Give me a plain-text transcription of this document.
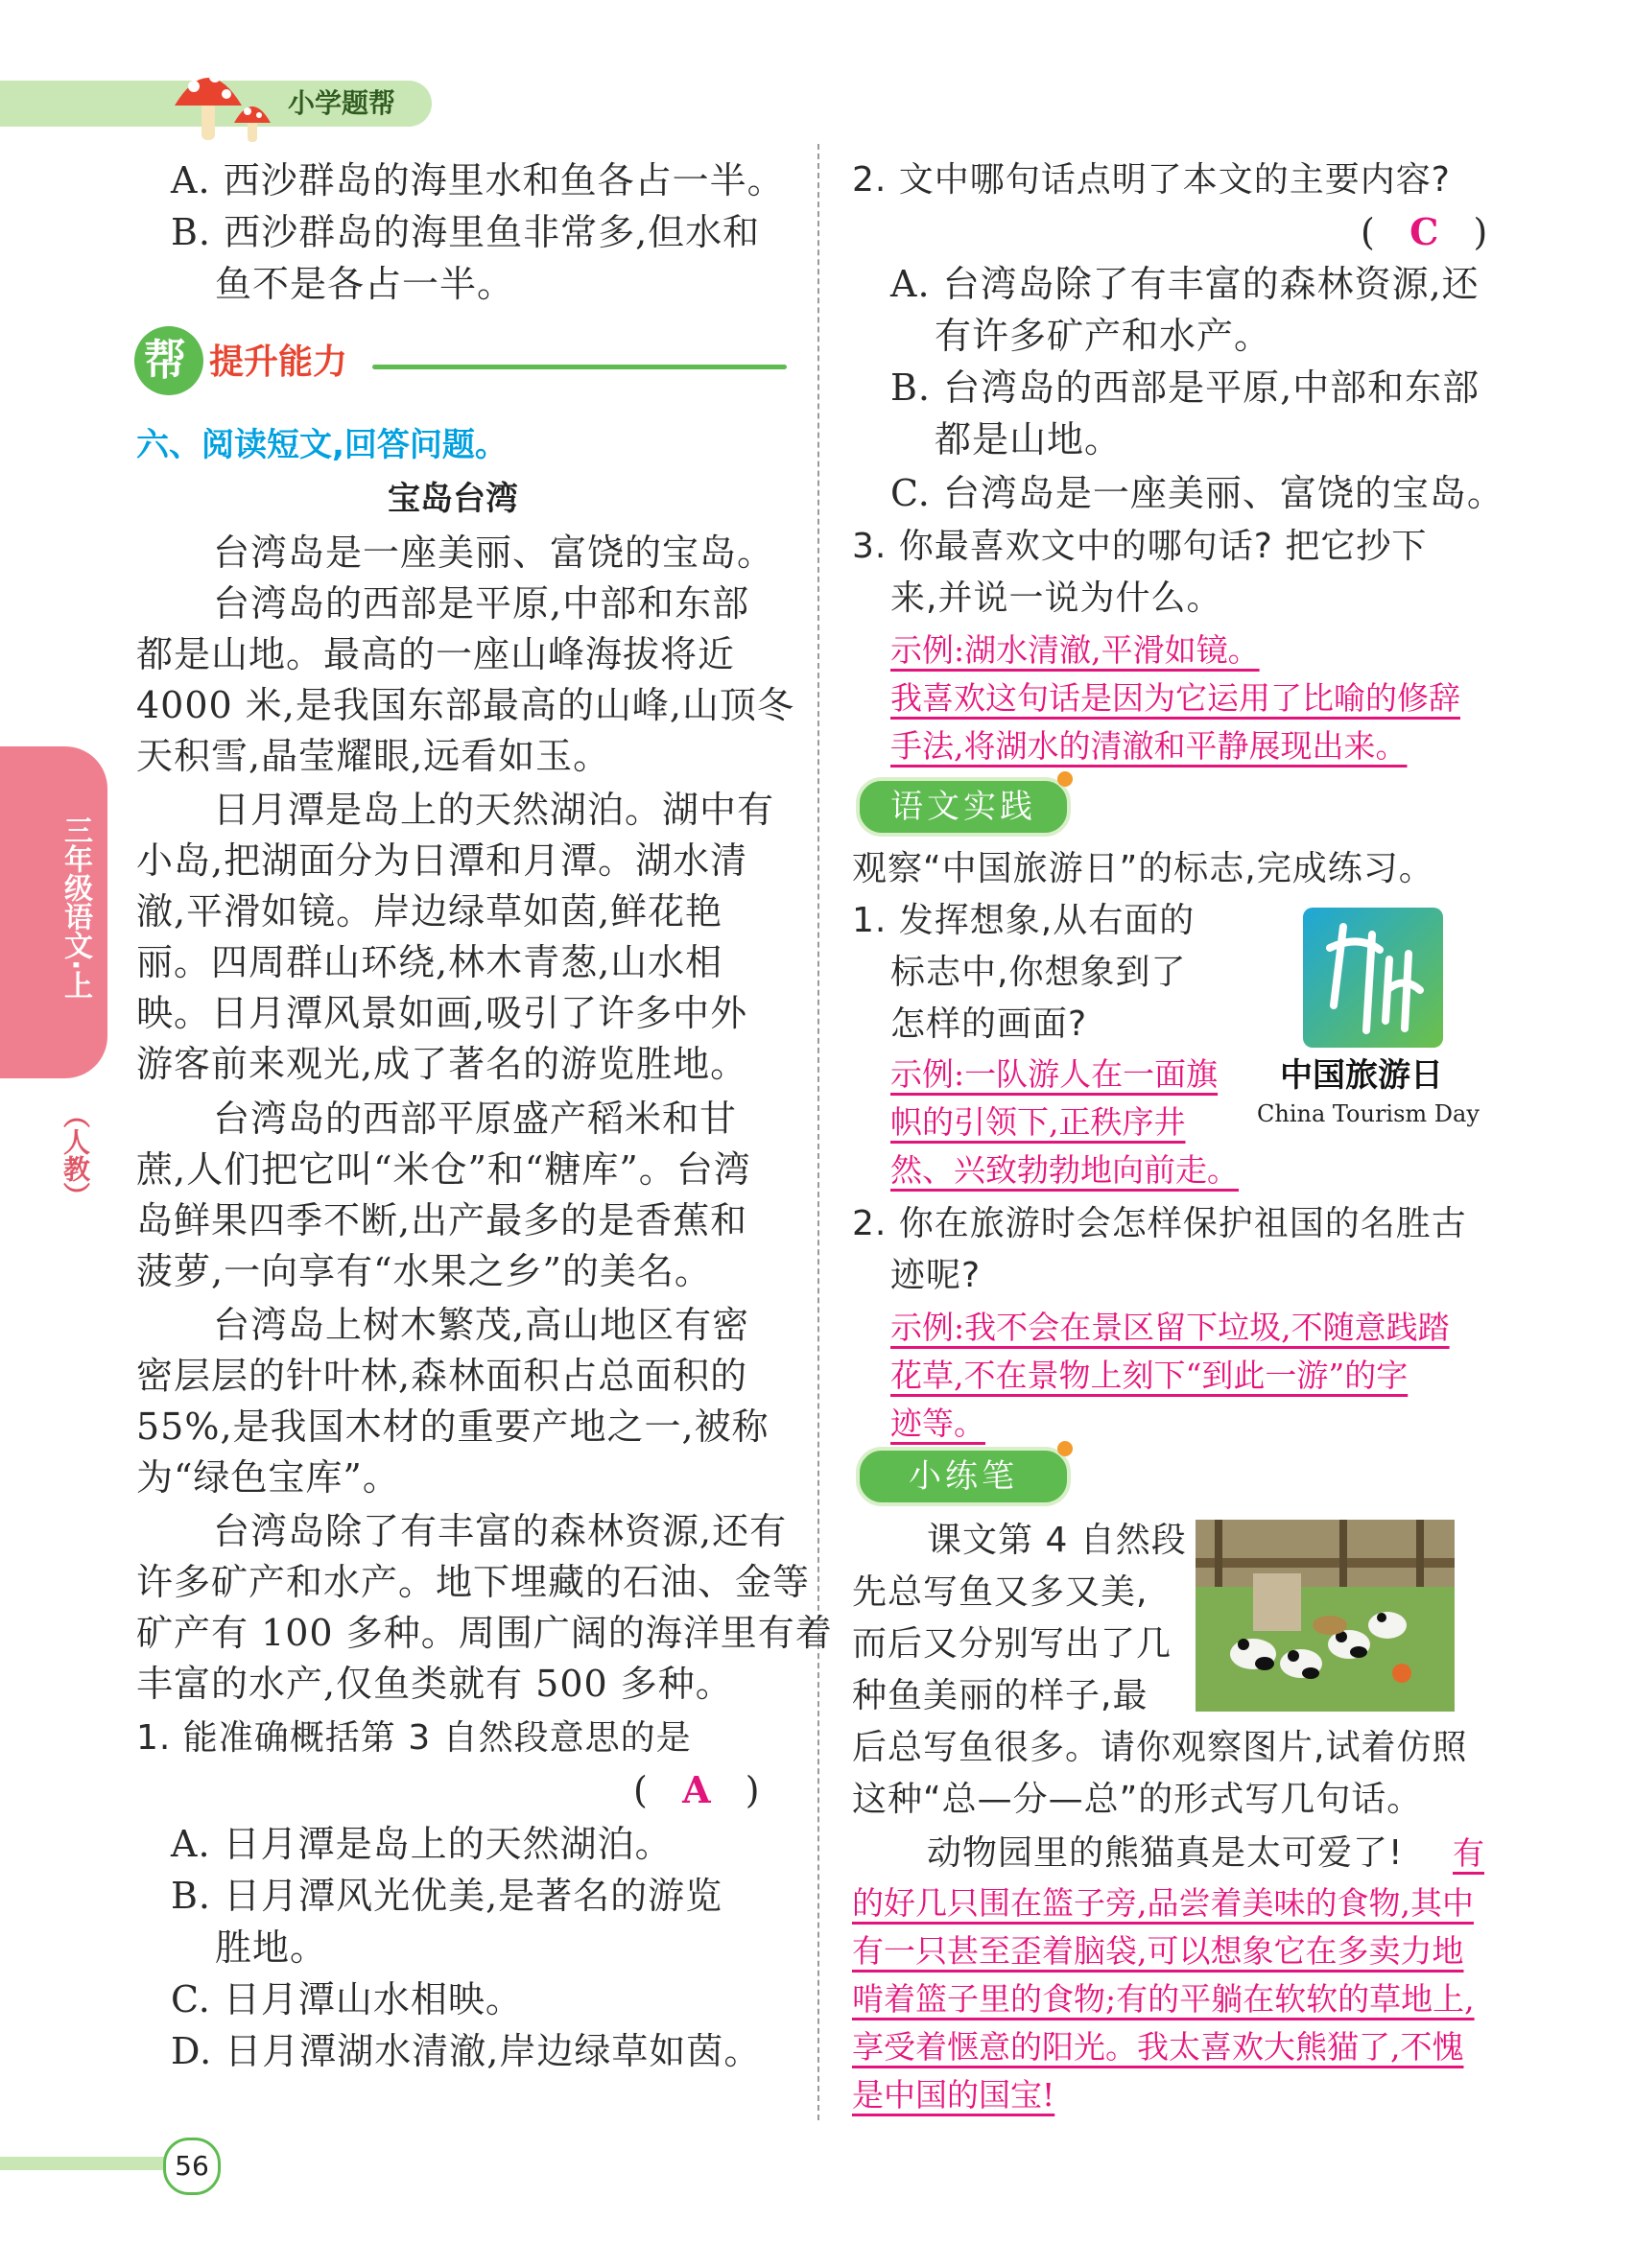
小学题帮
三年级语文·上
（人教）
A. 西沙群岛的海里水和鱼各占一半。
B. 西沙群岛的海里鱼非常多,但水和
鱼不是各占一半。
帮 提升能力
六、阅读短文,回答问题。
宝岛台湾
台湾岛是一座美丽、富饶的宝岛。
台湾岛的西部是平原,中部和东部
都是山地。最高的一座山峰海拔将近
4000 米,是我国东部最高的山峰,山顶冬
天积雪,晶莹耀眼,远看如玉。
日月潭是岛上的天然湖泊。湖中有
小岛,把湖面分为日潭和月潭。湖水清
澈,平滑如镜。岸边绿草如茵,鲜花艳
丽。四周群山环绕,林木青葱,山水相
映。日月潭风景如画,吸引了许多中外
游客前来观光,成了著名的游览胜地。
台湾岛的西部平原盛产稻米和甘
蔗,人们把它叫“米仓”和“糖库”。台湾
岛鲜果四季不断,出产最多的是香蕉和
菠萝,一向享有“水果之乡”的美名。
台湾岛上树木繁茂,高山地区有密
密层层的针叶林,森林面积占总面积的
55%,是我国木材的重要产地之一,被称
为“绿色宝库”。
台湾岛除了有丰富的森林资源,还有
许多矿产和水产。地下埋藏的石油、金等
矿产有 100 多种。周围广阔的海洋里有着
丰富的水产,仅鱼类就有 500 多种。
1. 能准确概括第 3 自然段意思的是
(   A   )
A. 日月潭是岛上的天然湖泊。
B. 日月潭风光优美,是著名的游览
胜地。
C. 日月潭山水相映。
D. 日月潭湖水清澈,岸边绿草如茵。
2. 文中哪句话点明了本文的主要内容?
(   C   )
A. 台湾岛除了有丰富的森林资源,还
有许多矿产和水产。
B. 台湾岛的西部是平原,中部和东部
都是山地。
C. 台湾岛是一座美丽、富饶的宝岛。
3. 你最喜欢文中的哪句话? 把它抄下
来,并说一说为什么。
示例:湖水清澈,平滑如镜。
我喜欢这句话是因为它运用了比喻的修辞
手法,将湖水的清澈和平静展现出来。
语文实践
观察“中国旅游日”的标志,完成练习。
1. 发挥想象,从右面的
标志中,你想象到了
怎样的画面?
示例:一队游人在一面旗
帜的引领下,正秩序井
然、兴致勃勃地向前走。
中国旅游日
China Tourism Day
2. 你在旅游时会怎样保护祖国的名胜古
迹呢?
示例:我不会在景区留下垃圾,不随意践踏
花草,不在景物上刻下“到此一游”的字
迹等。
小练笔
课文第 4 自然段
先总写鱼又多又美,
而后又分别写出了几
种鱼美丽的样子,最
后总写鱼很多。请你观察图片,试着仿照
这种“总—分—总”的形式写几句话。
动物园里的熊猫真是太可爱了! 有
的好几只围在篮子旁,品尝着美味的食物,其中
有一只甚至歪着脑袋,可以想象它在多卖力地
啃着篮子里的食物;有的平躺在软软的草地上,
享受着惬意的阳光。我太喜欢大熊猫了,不愧
是中国的国宝!
56
